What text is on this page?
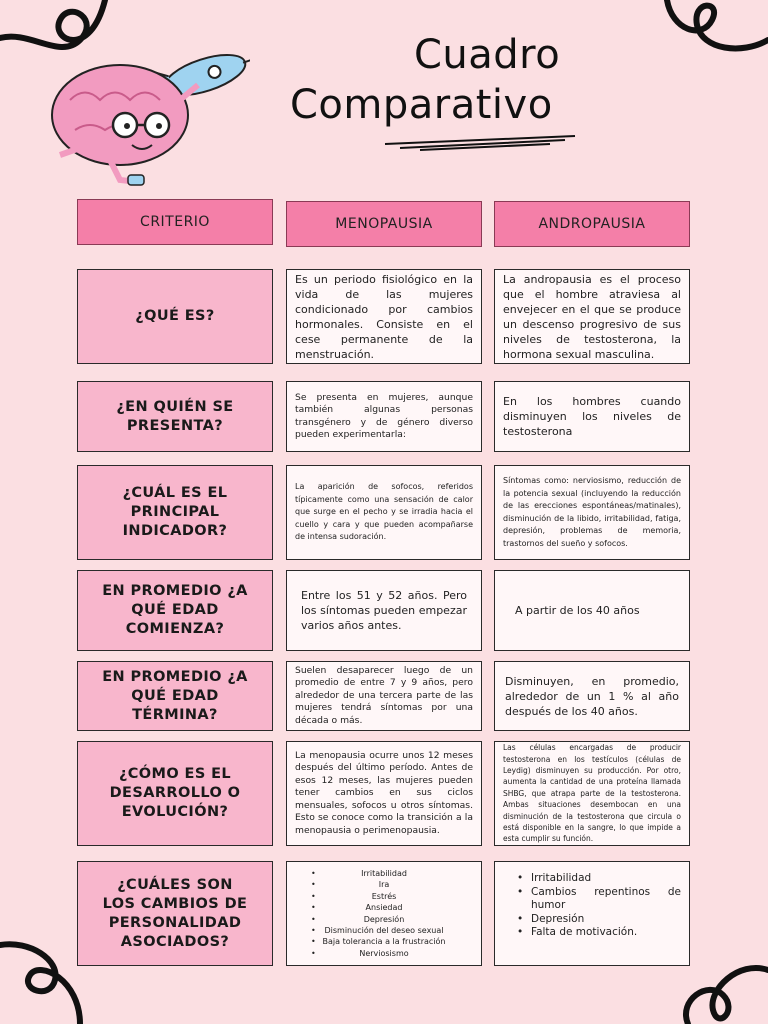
Cuadro
Comparativo
CRITERIO	MENOPAUSIA	ANDROPAUSIA
¿QUÉ ES?
Es un periodo fisiológico en la vida de las mujeres condicionado por cambios hormonales. Consiste en el cese permanente de la menstruación.
La andropausia es el proceso que el hombre atraviesa al envejecer en el que se produce un descenso progresivo de sus niveles de testosterona, la hormona sexual masculina.
¿EN QUIÉN SE PRESENTA?
Se presenta en mujeres, aunque también algunas personas transgénero y de género diverso pueden experimentarla:
En los hombres cuando disminuyen los niveles de testosterona
¿CUÁL ES EL PRINCIPAL INDICADOR?
La aparición de sofocos, referidos típicamente como una sensación de calor que surge en el pecho y se irradia hacia el cuello y cara y que pueden acompañarse de intensa sudoración.
Síntomas como: nerviosismo, reducción de la potencia sexual (incluyendo la reducción de las erecciones espontáneas/matinales), disminución de la libido, irritabilidad, fatiga, depresión, problemas de memoria, trastornos del sueño y sofocos.
EN PROMEDIO ¿A QUÉ EDAD COMIENZA?
Entre los 51 y 52 años. Pero los síntomas pueden empezar varios años antes.
A partir de los 40 años
EN PROMEDIO ¿A QUÉ EDAD TÉRMINA?
Suelen desaparecer luego de un promedio de entre 7 y 9 años, pero alrededor de una tercera parte de las mujeres tendrá síntomas por una década o más.
Disminuyen, en promedio, alrededor de un 1 % al año después de los 40 años.
¿CÓMO ES EL DESARROLLO O EVOLUCIÓN?
La menopausia ocurre unos 12 meses después del último período. Antes de esos 12 meses, las mujeres pueden tener cambios en sus ciclos mensuales, sofocos u otros síntomas. Esto se conoce como la transición a la menopausia o perimenopausia.
Las células encargadas de producir testosterona en los testículos (células de Leydig) disminuyen su producción. Por otro, aumenta la cantidad de una proteína llamada SHBG, que atrapa parte de la testosterona. Ambas situaciones desembocan en una disminución de la testosterona que circula o está disponible en la sangre, lo que impide a esta cumplir su función.
¿CUÁLES SON LOS CAMBIOS DE PERSONALIDAD ASOCIADOS?
• Irritabilidad
• Ira
• Estrés
• Ansiedad
• Depresión
• Disminución del deseo sexual
• Baja tolerancia a la frustración
• Nerviosismo
• Irritabilidad
• Cambios repentinos de humor
• Depresión
• Falta de motivación.
